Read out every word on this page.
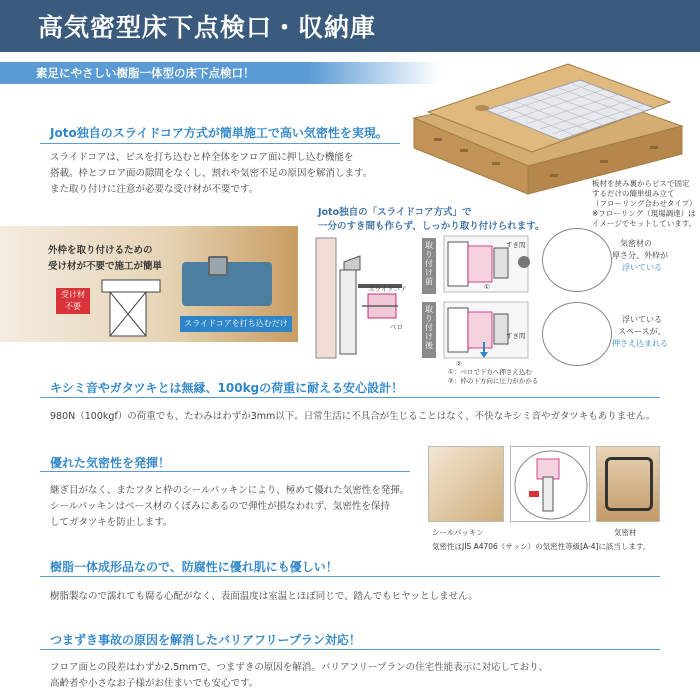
高気密型床下点検口・収納庫
素足にやさしい樹脂一体型の床下点検口！
Joto独自のスライドコア方式が簡単施工で高い気密性を実現。
スライドコアは、ビスを打ち込むと枠全体をフロア面に押し込む機能を
搭載。枠とフロア面の隙間をなくし、割れや気密不足の原因を解消します。
また取り付けに注意が必要な受け材が不要です。
板材を挟み裏からビスで固定
するだけの簡単組み立て
（フローリング合わせタイプ）
※フローリング（現場調達）は
イメージでセットしています。
外枠を取り付けるための
受け材が不要で施工が簡単
受け材
不要
スライドコアを打ち込むだけ
Joto独自の「スライドコア方式」で
一分のすき間も作らず、しっかり取り付けられます。
スライドコア
ベロ
取り付け前
取り付け後
すき間
すき間
①
②
①：ベロで下方へ押さえ込む
②：枠の下方向に圧力がかかる
気密材の
厚さ分、外枠が
浮いている
浮いている
スペースが、
押さえ込まれる
キシミ音やガタツキとは無縁、100kgの荷重に耐える安心設計！
980N（100kgf）の荷重でも、たわみはわずか3mm以下。日常生活に不具合が生じることはなく、不快なキシミ音やガタツキもありません。
優れた気密性を発揮！
継ぎ目がなく、またフタと枠のシールパッキンにより、極めて優れた気密性を発揮。
シールパッキンはベース材のくぼみにあるので弾性が損なわれず、気密性を保持
してガタツキを防止します。
シールパッキン	気密材
気密性はJIS A4706（サッシ）の気密性等級[A-4]に該当します。
樹脂一体成形品なので、防腐性に優れ肌にも優しい！
樹脂製なので濡れても腐る心配がなく、表面温度は室温とほぼ同じで、踏んでもヒヤッとしません。
つまずき事故の原因を解消したバリアフリープラン対応！
フロア面との段差はわずか2.5mmで、つまずきの原因を解消。バリアフリープランの住宅性能表示に対応しており、
高齢者や小さなお子様がお住まいでも安心です。
